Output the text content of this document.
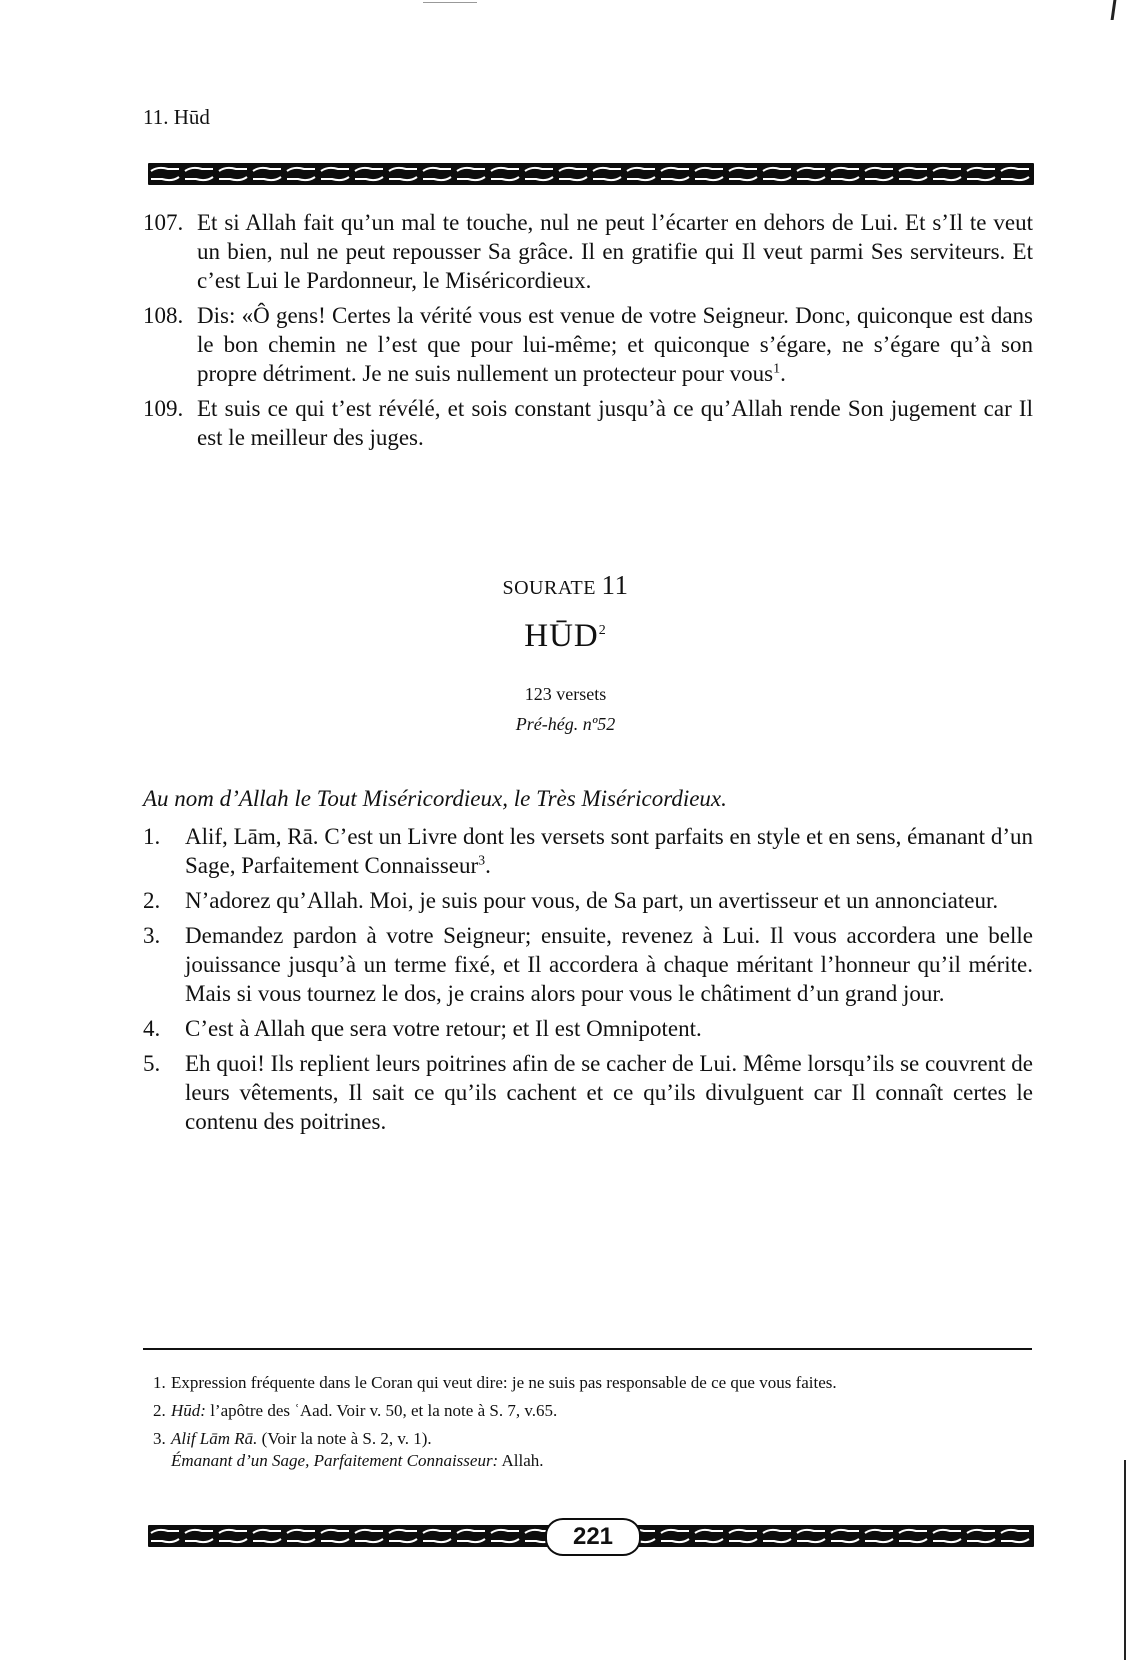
11. Hūd

107. Et si Allah fait qu’un mal te touche, nul ne peut l’écarter en dehors de Lui. Et s’Il te veut un bien, nul ne peut repousser Sa grâce. Il en gratifie qui Il veut parmi Ses serviteurs. Et c’est Lui le Pardonneur, le Miséricordieux.

108. Dis: «Ô gens! Certes la vérité vous est venue de votre Seigneur. Donc, quiconque est dans le bon chemin ne l’est que pour lui-même; et quiconque s’égare, ne s’égare qu’à son propre détriment. Je ne suis nullement un protecteur pour vous$^1$.

109. Et suis ce qui t’est révélé, et sois constant jusqu’à ce qu’Allah rende Son jugement car Il est le meilleur des juges.

SOURATE 11
HŪD$^2$
123 versets
Pré-hég. nº52
Au nom d’Allah le Tout Miséricordieux, le Très Miséricordieux.

1. Alif, Lām, Rā. C’est un Livre dont les versets sont parfaits en style et en sens, émanant d’un Sage, Parfaitement Connaisseur$^3$.

2. N’adorez qu’Allah. Moi, je suis pour vous, de Sa part, un avertisseur et un annonciateur.

3. Demandez pardon à votre Seigneur; ensuite, revenez à Lui. Il vous accordera une belle jouissance jusqu’à un terme fixé, et Il accordera à chaque méritant l’honneur qu’il mérite. Mais si vous tournez le dos, je crains alors pour vous le châtiment d’un grand jour.

4. C’est à Allah que sera votre retour; et Il est Omnipotent.

5. Eh quoi! Ils replient leurs poitrines afin de se cacher de Lui. Même lorsqu’ils se couvrent de leurs vêtements, Il sait ce qu’ils cachent et ce qu’ils divulguent car Il connaît certes le contenu des poitrines.

1. Expression fréquente dans le Coran qui veut dire: je ne suis pas responsable de ce que vous faites.
2. Hūd: l’apôtre des ʿAad. Voir v. 50, et la note à S. 7, v.65.
3. Alif Lām Rā. (Voir la note à S. 2, v. 1).
Émanant d’un Sage, Parfaitement Connaisseur: Allah.
221
